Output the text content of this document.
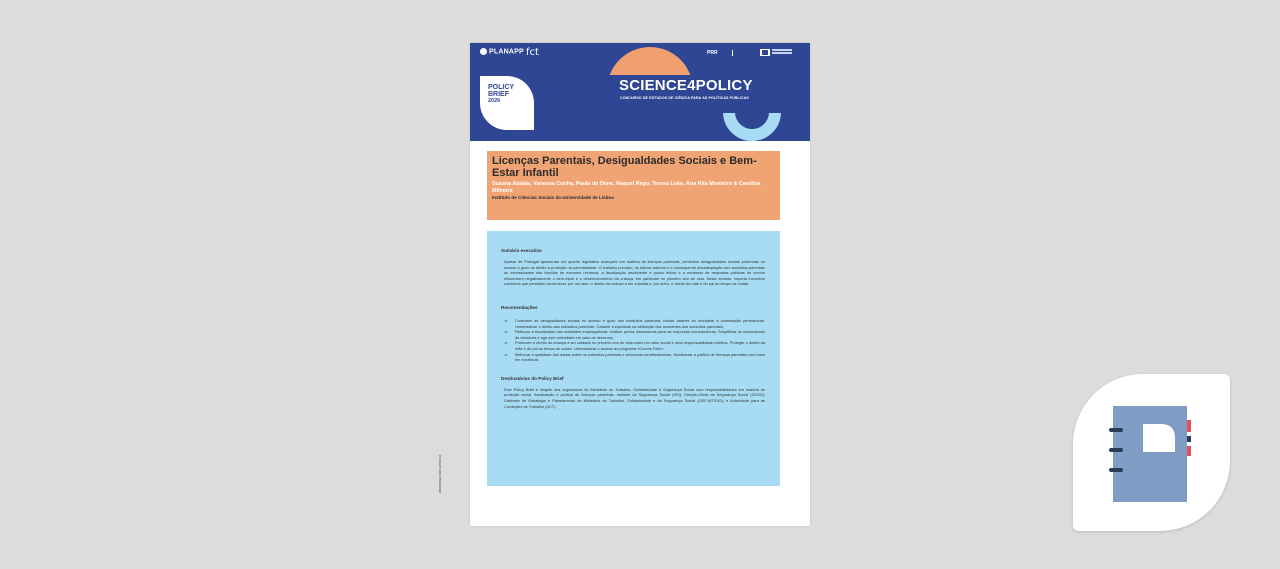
PLANAPP fct	PRR
SCIENCE4POLICY
CONCURSO DE ESTUDOS DE CIÊNCIA PARA AS POLÍTICAS PÚBLICAS
POLICY
BRIEF
2026
PLANAPP-S4P-PB/2026/007
Licenças Parentais, Desigualdades Sociais e Bem-Estar Infantil
Susana Atalaia, Vanessa Cunha, Paula do Dene, Raquel Rego, Teresa Leão, Ana Rita Monteiro & Carolina Milheiro
Instituto de Ciências Sociais da Universidade de Lisboa
Sumário executivo
Apesar de Portugal apresentar um quadro legislativo avançado em matéria de licenças parentais, persistem desigualdades sociais profundas no acesso e gozo do direito à proteção na parentalidade. O trabalho precário, os baixos salários e a consequente desadequação dos subsídios parentais às necessidades das famílias de menores recursos, a fiscalização insuficiente e pouco eficaz e a escassez de respostas públicas de creche influenciam negativamente o bem-estar e o desenvolvimento da criança, em particular no primeiro ano de vida. Neste sentido, importa encontrar caminhos que permitam reconhecer, por um lado, o direito da criança a ser cuidada e, por outro, o direito da mãe e do pai ao tempo de cuidar.
Recomendações
⇒ Combater as desigualdades sociais no acesso e gozo dos subsídios parentais iniciais através do montante à contratação permanente. Universalizar o direito aos subsídios parentais. Garantir a equidade na atribuição dos montantes dos subsídios parentais;
⇒ Reforçar a fiscalização das entidades empregadoras. Instituir penas dissuasoras para as empresas incumpridoras. Simplificar os mecanismos de denúncia e agir com celeridade em caso de denúncia;
⇒ Promover o direito da criança a ser cuidada no primeiro ano de vida como um valor social e uma responsabilidade coletiva. Proteger o direito da mãe e do pai ao tempo de cuidar. Universalizar o acesso ao programa «Creche Feliz».
⇒ Melhorar a qualidade dos dados sobre os subsídios parentais e seus/suas beneficiários/as. Monitorizar a política de licenças parentais com base em evidência.
Destinatários do Policy Brief
Este Policy Brief é dirigido aos organismos do Ministério do Trabalho, Solidariedade e Segurança Social com responsabilidades em matéria de proteção social, fiscalização e política de licenças parentais: Instituto da Segurança Social (ISS); Direção-Geral da Segurança Social (DGSS); Gabinete de Estratégia e Planeamento do Ministério do Trabalho, Solidariedade e da Segurança Social (GEP-MTSSS); e Autoridade para as Condições de Trabalho (ACT).
